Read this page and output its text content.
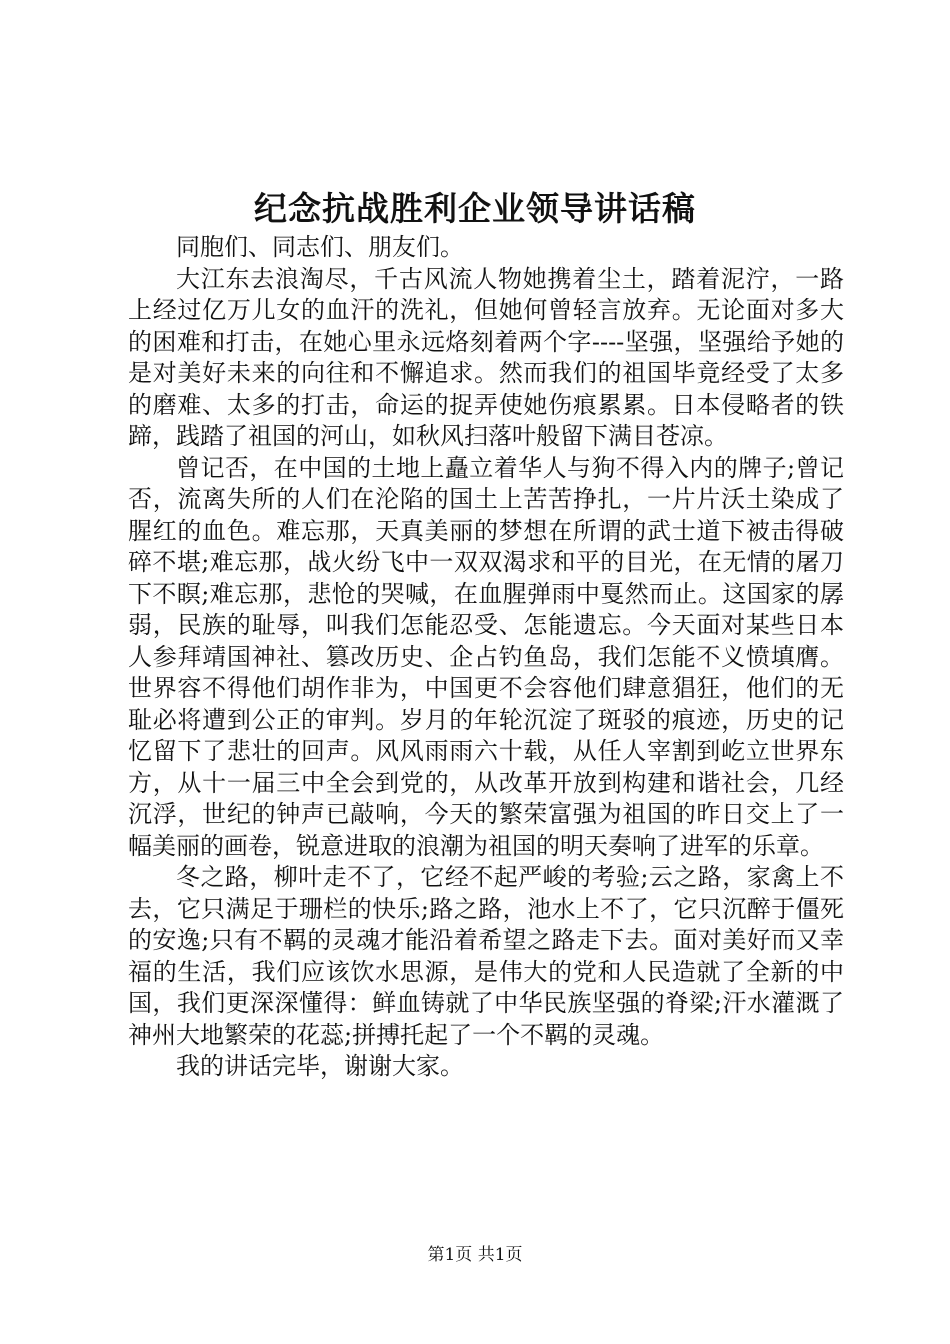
纪念抗战胜利企业领导讲话稿

同胞们、同志们、朋友们。

大江东去浪淘尽，千古风流人物她携着尘土，踏着泥泞，一路上经过亿万儿女的血汗的洗礼，但她何曾轻言放弃。无论面对多大的困难和打击，在她心里永远烙刻着两个字----坚强，坚强给予她的是对美好未来的向往和不懈追求。然而我们的祖国毕竟经受了太多的磨难、太多的打击，命运的捉弄使她伤痕累累。日本侵略者的铁蹄，践踏了祖国的河山，如秋风扫落叶般留下满目苍凉。

曾记否，在中国的土地上矗立着华人与狗不得入内的牌子;曾记否，流离失所的人们在沦陷的国土上苦苦挣扎，一片片沃土染成了腥红的血色。难忘那，天真美丽的梦想在所谓的武士道下被击得破碎不堪;难忘那，战火纷飞中一双双渴求和平的目光，在无情的屠刀下不瞑;难忘那，悲怆的哭喊，在血腥弹雨中戛然而止。这国家的孱弱，民族的耻辱，叫我们怎能忍受、怎能遗忘。今天面对某些日本人参拜靖国神社、篡改历史、企占钓鱼岛，我们怎能不义愤填膺。世界容不得他们胡作非为，中国更不会容他们肆意猖狂，他们的无耻必将遭到公正的审判。岁月的年轮沉淀了斑驳的痕迹，历史的记忆留下了悲壮的回声。风风雨雨六十载，从任人宰割到屹立世界东方，从十一届三中全会到党的，从改革开放到构建和谐社会，几经沉浮，世纪的钟声已敲响，今天的繁荣富强为祖国的昨日交上了一幅美丽的画卷，锐意进取的浪潮为祖国的明天奏响了进军的乐章。

冬之路，柳叶走不了，它经不起严峻的考验;云之路，家禽上不去，它只满足于珊栏的快乐;路之路，池水上不了，它只沉醉于僵死的安逸;只有不羁的灵魂才能沿着希望之路走下去。面对美好而又幸福的生活，我们应该饮水思源，是伟大的党和人民造就了全新的中国，我们更深深懂得：鲜血铸就了中华民族坚强的脊梁;汗水灌溉了神州大地繁荣的花蕊;拼搏托起了一个不羁的灵魂。

我的讲话完毕，谢谢大家。

第1页 共1页
